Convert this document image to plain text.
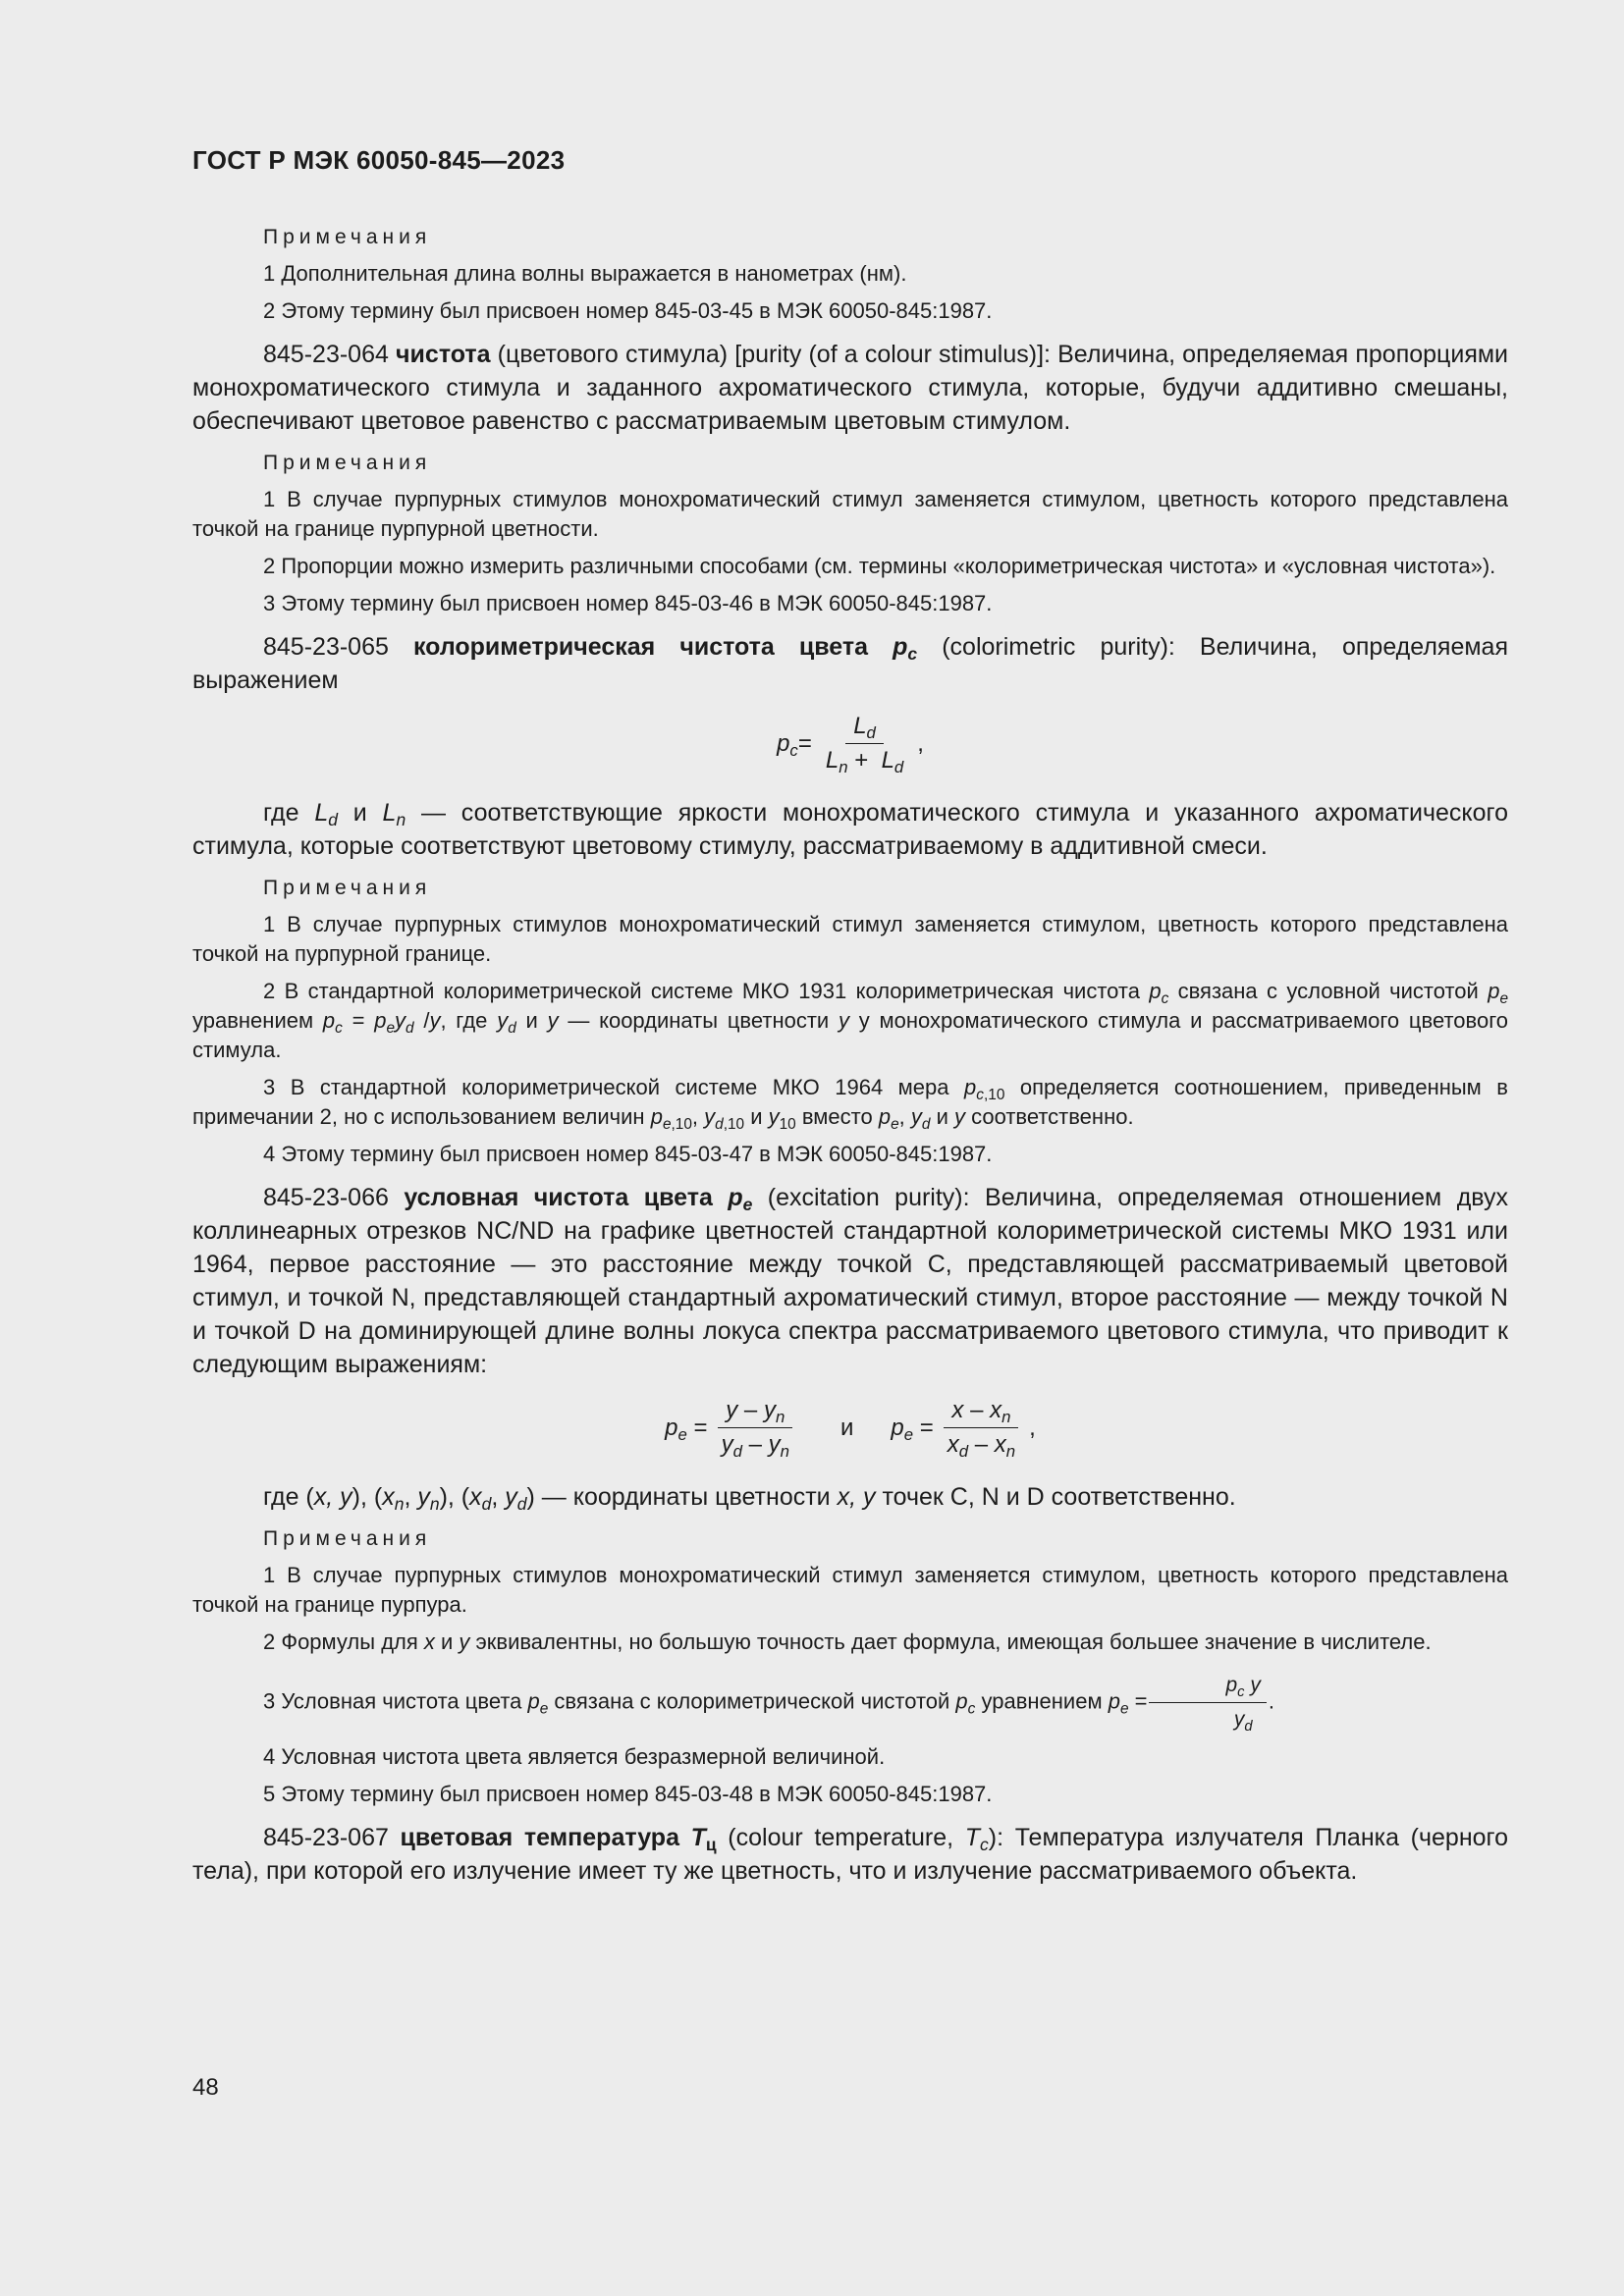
ГОСТ Р МЭК 60050-845—2023
Примечания
1 Дополнительная длина волны выражается в нанометрах (нм).
2 Этому термину был присвоен номер 845-03-45 в МЭК 60050-845:1987.
845-23-064 чистота (цветового стимула) [purity (of a colour stimulus)]: Величина, определяемая пропорциями монохроматического стимула и заданного ахроматического стимула, которые, будучи аддитивно смешаны, обеспечивают цветовое равенство с рассматриваемым цветовым стимулом.
Примечания
1 В случае пурпурных стимулов монохроматический стимул заменяется стимулом, цветность которого представлена точкой на границе пурпурной цветности.
2 Пропорции можно измерить различными способами (см. термины «колориметрическая чистота» и «условная чистота»).
3 Этому термину был присвоен номер 845-03-46 в МЭК 60050-845:1987.
845-23-065 колориметрическая чистота цвета $p_c$ (colorimetric purity): Величина, определяемая выражением
$p_c= \frac{L_d}{L_n + L_d}$ ,
где $L_d$ и $L_n$ — соответствующие яркости монохроматического стимула и указанного ахроматического стимула, которые соответствуют цветовому стимулу, рассматриваемому в аддитивной смеси.
Примечания
1 В случае пурпурных стимулов монохроматический стимул заменяется стимулом, цветность которого представлена точкой на пурпурной границе.
2 В стандартной колориметрической системе МКО 1931 колориметрическая чистота $p_c$ связана с условной чистотой $p_e$ уравнением $p_c = p_ey_d$ /y, где $y_d$ и y — координаты цветности y у монохроматического стимула и рассматриваемого цветового стимула.
3 В стандартной колориметрической системе МКО 1964 мера $p_{c,10}$ определяется соотношением, приведенным в примечании 2, но с использованием величин $p_{e,10}$, $y_{d,10}$ и $y_{10}$ вместо $p_e$, $y_d$ и y соответственно.
4 Этому термину был присвоен номер 845-03-47 в МЭК 60050-845:1987.
845-23-066 условная чистота цвета $p_e$ (excitation purity): Величина, определяемая отношением двух коллинеарных отрезков NC/ND на графике цветностей стандартной колориметрической системы МКО 1931 или 1964, первое расстояние — это расстояние между точкой С, представляющей рассматриваемый цветовой стимул, и точкой N, представляющей стандартный ахроматический стимул, второе расстояние — между точкой N и точкой D на доминирующей длине волны локуса спектра рассматриваемого цветового стимула, что приводит к следующим выражениям:
$p_e = \frac{y - y_n}{y_d - y_n}$ и $p_e = \frac{x - x_n}{x_d - x_n}$ ,
где (x, y), ($x_n$, $y_n$), ($x_d$, $y_d$) — координаты цветности x, y точек С, N и D соответственно.
Примечания
1 В случае пурпурных стимулов монохроматический стимул заменяется стимулом, цветность которого представлена точкой на границе пурпура.
2 Формулы для x и y эквивалентны, но большую точность дает формула, имеющая большее значение в числителе.
3 Условная чистота цвета $p_e$ связана с колориметрической чистотой $p_c$ уравнением $p_e = \frac{p_c y}{y_d}$ .
4 Условная чистота цвета является безразмерной величиной.
5 Этому термину был присвоен номер 845-03-48 в МЭК 60050-845:1987.
845-23-067 цветовая температура $T_ц$ (colour temperature, $T_c$): Температура излучателя Планка (черного тела), при которой его излучение имеет ту же цветность, что и излучение рассматриваемого объекта.
48
